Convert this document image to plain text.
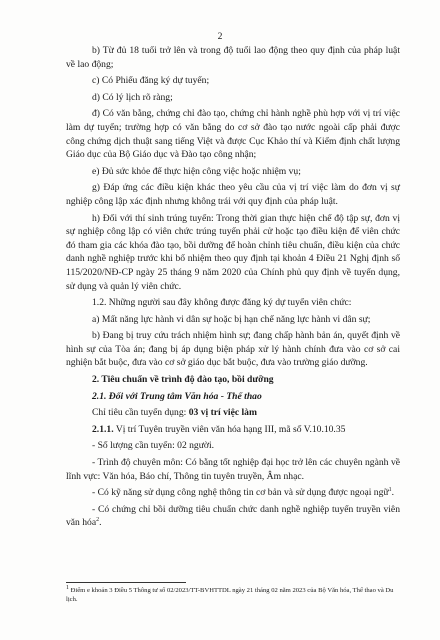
2

b) Từ đủ 18 tuổi trở lên và trong độ tuổi lao động theo quy định của pháp luật về lao động;

c) Có Phiếu đăng ký dự tuyển;

d) Có lý lịch rõ ràng;

đ) Có văn bằng, chứng chỉ đào tạo, chứng chỉ hành nghề phù hợp với vị trí việc làm dự tuyển; trường hợp có văn bằng do cơ sở đào tạo nước ngoài cấp phải được công chứng dịch thuật sang tiếng Việt và được Cục Khảo thí và Kiểm định chất lượng Giáo dục của Bộ Giáo dục và Đào tạo công nhận;

e) Đủ sức khỏe để thực hiện công việc hoặc nhiệm vụ;

g) Đáp ứng các điều kiện khác theo yêu cầu của vị trí việc làm do đơn vị sự nghiệp công lập xác định nhưng không trái với quy định của pháp luật.

h) Đối với thí sinh trúng tuyển: Trong thời gian thực hiện chế độ tập sự, đơn vị sự nghiệp công lập có viên chức trúng tuyển phải cử hoặc tạo điều kiện để viên chức đó tham gia các khóa đào tạo, bồi dưỡng để hoàn chỉnh tiêu chuẩn, điều kiện của chức danh nghề nghiệp trước khi bổ nhiệm theo quy định tại khoản 4 Điều 21 Nghị định số 115/2020/NĐ-CP ngày 25 tháng 9 năm 2020 của Chính phủ quy định về tuyển dụng, sử dụng và quản lý viên chức.

1.2. Những người sau đây không được đăng ký dự tuyển viên chức:

a) Mất năng lực hành vi dân sự hoặc bị hạn chế năng lực hành vi dân sự;

b) Đang bị truy cứu trách nhiệm hình sự; đang chấp hành bản án, quyết định về hình sự của Tòa án; đang bị áp dụng biện pháp xử lý hành chính đưa vào cơ sở cai nghiện bắt buộc, đưa vào cơ sở giáo dục bắt buộc, đưa vào trường giáo dưỡng.

2. Tiêu chuẩn về trình độ đào tạo, bồi dưỡng

2.1. Đối với Trung tâm Văn hóa - Thể thao

Chỉ tiêu cần tuyển dụng: 03 vị trí việc làm

2.1.1. Vị trí Tuyên truyền viên văn hóa hạng III, mã số V.10.10.35

- Số lượng cần tuyển: 02 người.

- Trình độ chuyên môn: Có bằng tốt nghiệp đại học trở lên các chuyên ngành về lĩnh vực: Văn hóa, Báo chí, Thông tin tuyên truyền, Âm nhạc.

- Có kỹ năng sử dụng công nghệ thông tin cơ bản và sử dụng được ngoại ngữ$^1$.

- Có chứng chỉ bồi dưỡng tiêu chuẩn chức danh nghề nghiệp tuyển truyền viên văn hóa$^2$.

$^1$ Điểm e khoản 3 Điều 5 Thông tư số 02/2023/TT-BVHTTDL ngày 21 tháng 02 năm 2023 của Bộ Văn hóa, Thể thao và Du lịch.
